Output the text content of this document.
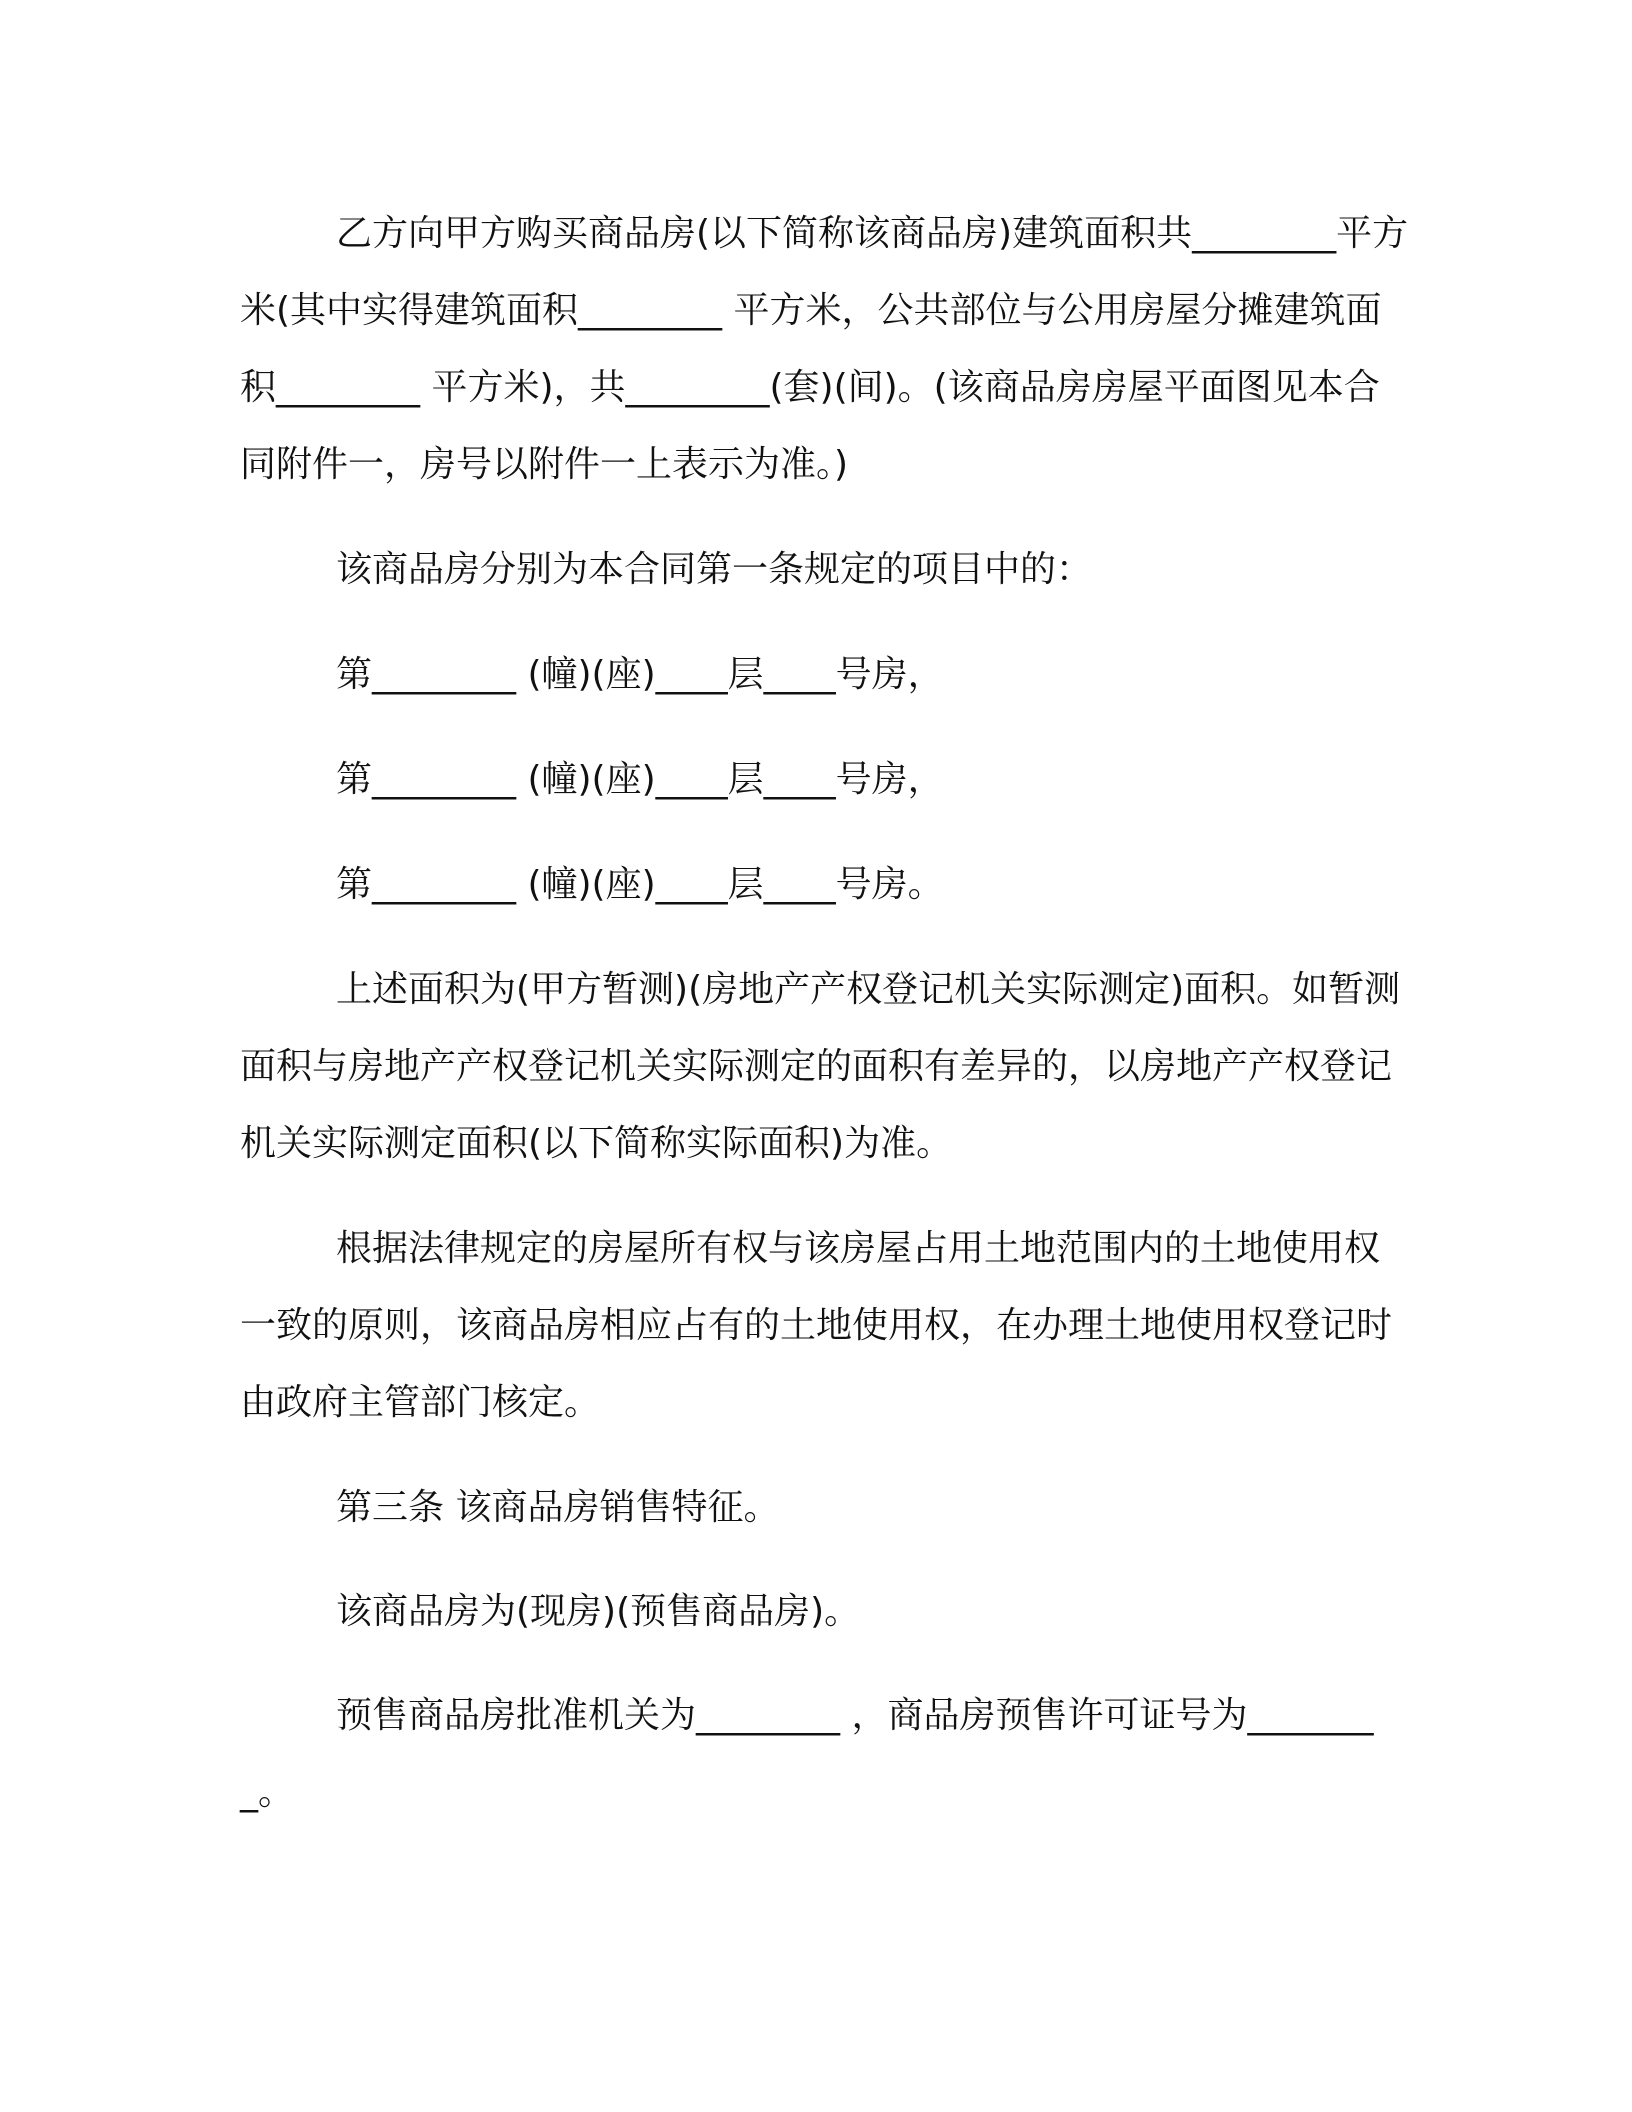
乙方向甲方购买商品房(以下简称该商品房)建筑面积共________平方米(其中实得建筑面积________ 平方米，公共部位与公用房屋分摊建筑面积________ 平方米)，共________(套)(间)。(该商品房房屋平面图见本合同附件一，房号以附件一上表示为准。)

该商品房分别为本合同第一条规定的项目中的：

第________ (幢)(座)____层____号房，

第________ (幢)(座)____层____号房，

第________ (幢)(座)____层____号房。

上述面积为(甲方暂测)(房地产产权登记机关实际测定)面积。如暂测面积与房地产产权登记机关实际测定的面积有差异的，以房地产产权登记机关实际测定面积(以下简称实际面积)为准。

根据法律规定的房屋所有权与该房屋占用土地范围内的土地使用权一致的原则，该商品房相应占有的土地使用权，在办理土地使用权登记时由政府主管部门核定。

第三条 该商品房销售特征。

该商品房为(现房)(预售商品房)。

预售商品房批准机关为________ ，商品房预售许可证号为________。
